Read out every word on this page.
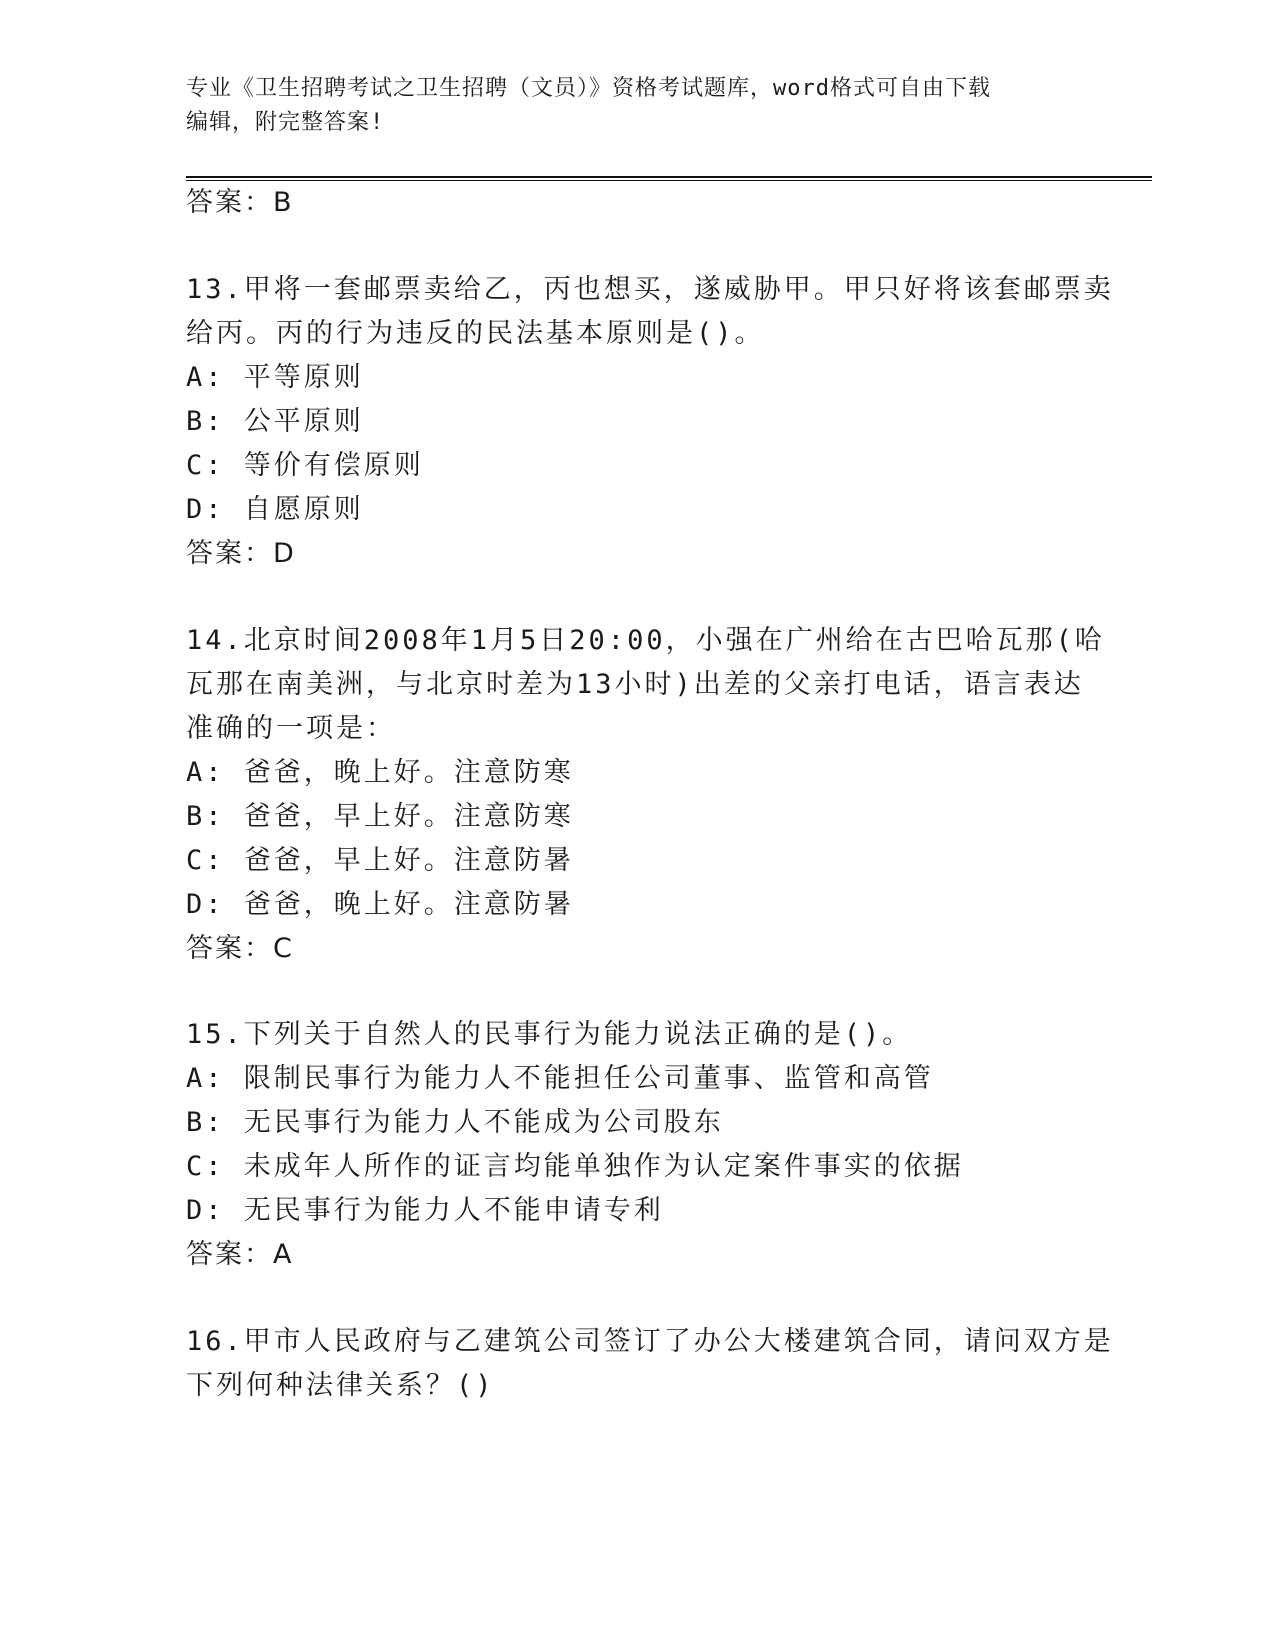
专业《卫生招聘考试之卫生招聘（文员）》资格考试题库，word格式可自由下载
编辑，附完整答案!
答案：B
13.甲将一套邮票卖给乙，丙也想买，遂威胁甲。甲只好将该套邮票卖
给丙。丙的行为违反的民法基本原则是()。
A: 平等原则
B: 公平原则
C: 等价有偿原则
D: 自愿原则
答案：D
14.北京时间2008年1月5日20:00，小强在广州给在古巴哈瓦那(哈
瓦那在南美洲，与北京时差为13小时)出差的父亲打电话，语言表达
准确的一项是：
A: 爸爸，晚上好。注意防寒
B: 爸爸，早上好。注意防寒
C: 爸爸，早上好。注意防暑
D: 爸爸，晚上好。注意防暑
答案：C
15.下列关于自然人的民事行为能力说法正确的是()。
A: 限制民事行为能力人不能担任公司董事、监管和高管
B: 无民事行为能力人不能成为公司股东
C: 未成年人所作的证言均能单独作为认定案件事实的依据
D: 无民事行为能力人不能申请专利
答案：A
16.甲市人民政府与乙建筑公司签订了办公大楼建筑合同，请问双方是
下列何种法律关系？()
